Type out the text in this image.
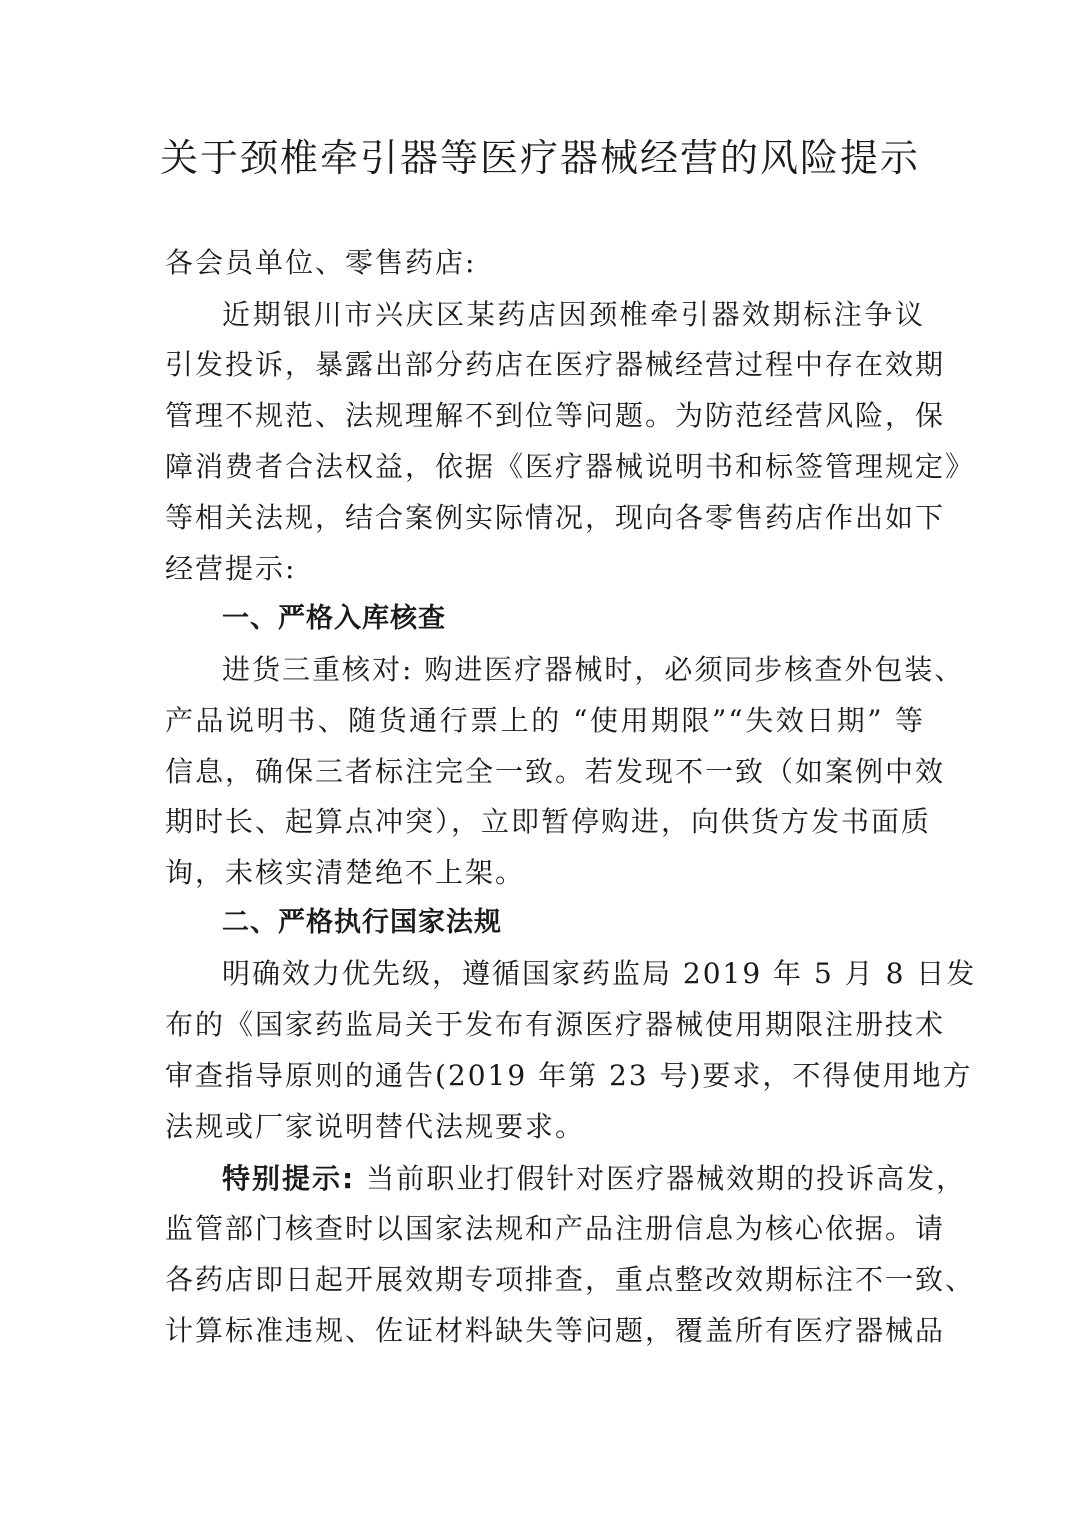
关于颈椎牵引器等医疗器械经营的风险提示
各会员单位、零售药店:
近期银川市兴庆区某药店因颈椎牵引器效期标注争议
引发投诉，暴露出部分药店在医疗器械经营过程中存在效期
管理不规范、法规理解不到位等问题。为防范经营风险，保
障消费者合法权益，依据《医疗器械说明书和标签管理规定》
等相关法规，结合案例实际情况，现向各零售药店作出如下
经营提示:
一、严格入库核查
进货三重核对: 购进医疗器械时，必须同步核查外包装、
产品说明书、随货通行票上的 “使用期限”“失效日期” 等
信息，确保三者标注完全一致。若发现不一致（如案例中效
期时长、起算点冲突），立即暂停购进，向供货方发书面质
询，未核实清楚绝不上架。
二、严格执行国家法规
明确效力优先级，遵循国家药监局 2019 年 5 月 8 日发
布的《国家药监局关于发布有源医疗器械使用期限注册技术
审查指导原则的通告(2019 年第 23 号)要求，不得使用地方
法规或厂家说明替代法规要求。
特别提示: 当前职业打假针对医疗器械效期的投诉高发，
监管部门核查时以国家法规和产品注册信息为核心依据。请
各药店即日起开展效期专项排查，重点整改效期标注不一致、
计算标准违规、佐证材料缺失等问题，覆盖所有医疗器械品
